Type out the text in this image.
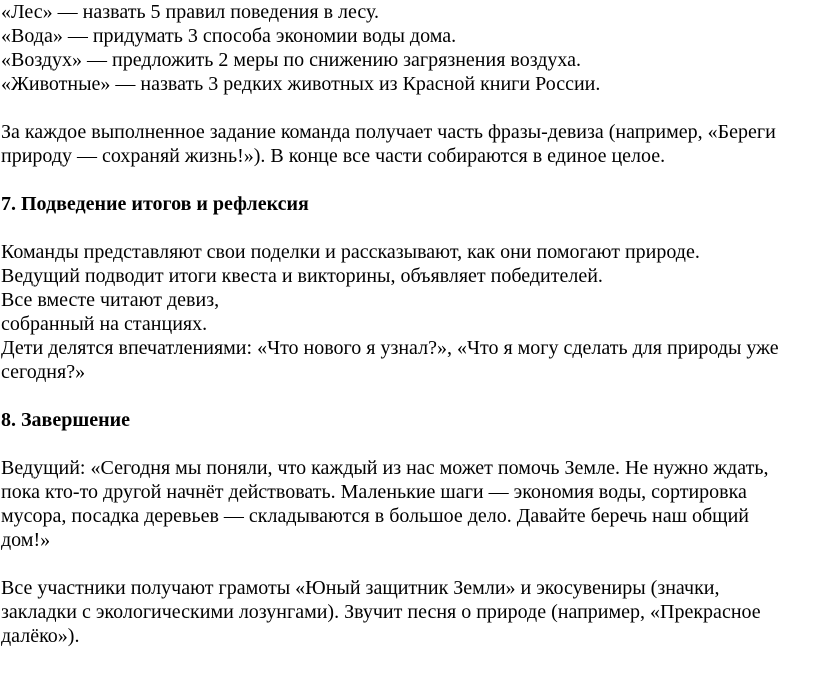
«Лес» — назвать 5 правил поведения в лесу.
«Вода» — придумать 3 способа экономии воды дома.
«Воздух» — предложить 2 меры по снижению загрязнения воздуха.
«Животные» — назвать 3 редких животных из Красной книги России.
За каждое выполненное задание команда получает часть фразы-девиза (например, «Береги
природу — сохраняй жизнь!»). В конце все части собираются в единое целое.
7. Подведение итогов и рефлексия
Команды представляют свои поделки и рассказывают, как они помогают природе.
Ведущий подводит итоги квеста и викторины, объявляет победителей.
Все вместе читают девиз,
собранный на станциях.
Дети делятся впечатлениями: «Что нового я узнал?», «Что я могу сделать для природы уже
сегодня?»
8. Завершение
Ведущий: «Сегодня мы поняли, что каждый из нас может помочь Земле. Не нужно ждать,
пока кто-то другой начнёт действовать. Маленькие шаги — экономия воды, сортировка
мусора, посадка деревьев — складываются в большое дело. Давайте беречь наш общий
дом!»
Все участники получают грамоты «Юный защитник Земли» и экосувениры (значки,
закладки с экологическими лозунгами). Звучит песня о природе (например, «Прекрасное
далёко»).
